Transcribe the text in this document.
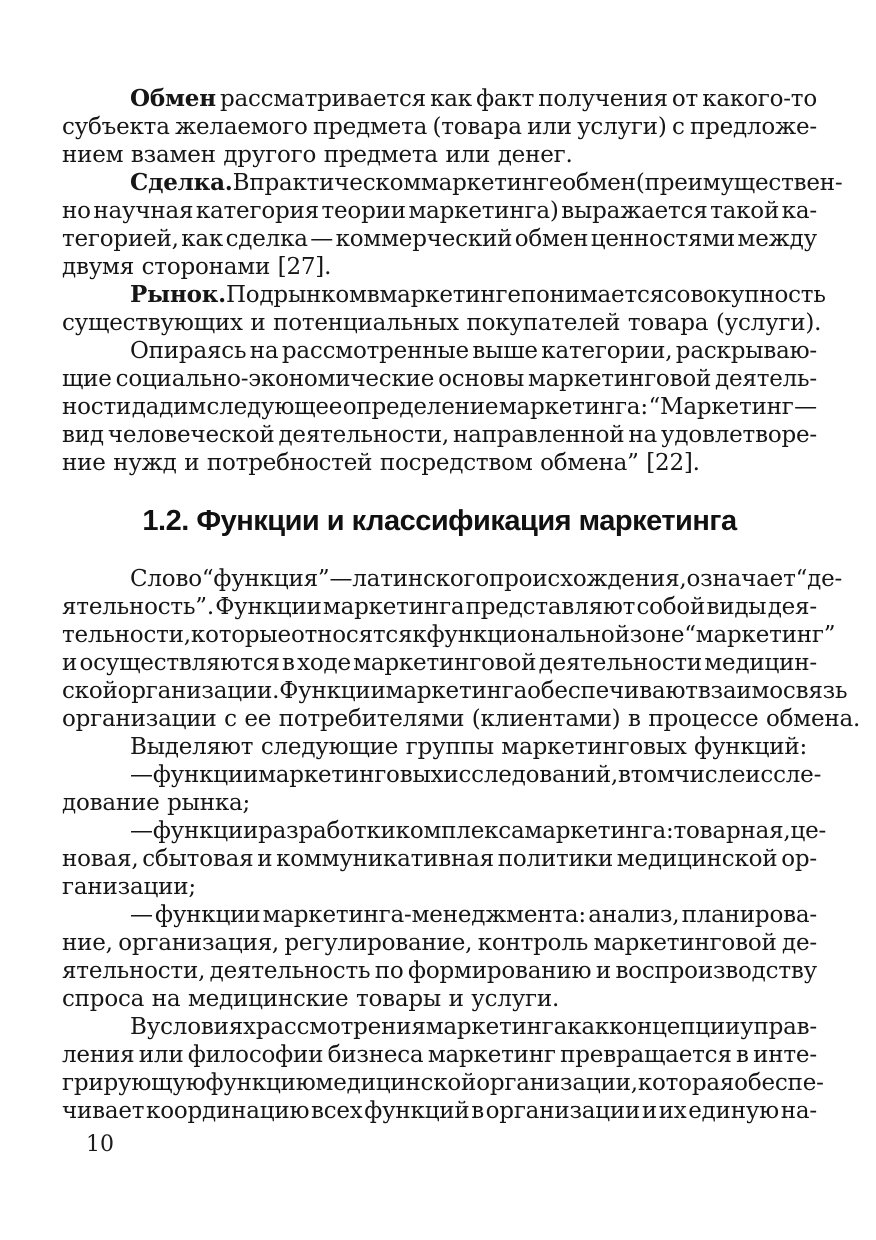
Обмен рассматривается как факт получения от какого-то
субъекта желаемого предмета (товара или услуги) с предложе-
нием взамен другого предмета или денег.
Сделка. В практическом маркетинге обмен (преимуществен-
но научная категория теории маркетинга) выражается такой ка-
тегорией, как сделка — коммерческий обмен ценностями между
двумя сторонами [27].
Рынок. Под рынком в маркетинге понимается совокупность
существующих и потенциальных покупателей товара (услуги).
Опираясь на рассмотренные выше категории, раскрываю-
щие социально-экономические основы маркетинговой деятель-
ности дадим следующее определение маркетинга: “Маркетинг —
вид человеческой деятельности, направленной на удовлетворе-
ние нужд и потребностей посредством обмена” [22].
1.2. Функции и классификация маркетинга
Слово “функция” — латинского происхождения, означает “де-
ятельность”. Функции маркетинга представляют собой виды дея-
тельности, которые относятся к функциональной зоне “маркетинг”
и осуществляются в ходе маркетинговой деятельности медицин-
ской организации. Функции маркетинга обеспечивают взаимосвязь
организации с ее потребителями (клиентами) в процессе обмена.
Выделяют следующие группы маркетинговых функций:
— функции маркетинговых исследований, в том числе иссле-
дование рынка;
— функции разработки комплекса маркетинга: товарная, це-
новая, сбытовая и коммуникативная политики медицинской ор-
ганизации;
— функции маркетинга-менеджмента: анализ, планирова-
ние, организация, регулирование, контроль маркетинговой де-
ятельности, деятельность по формированию и воспроизводству
спроса на медицинские товары и услуги.
В условиях рассмотрения маркетинга как концепции управ-
ления или философии бизнеса маркетинг превращается в инте-
грирующую функцию медицинской организации, которая обеспе-
чивает координацию всех функций в организации и их единую на-
10
